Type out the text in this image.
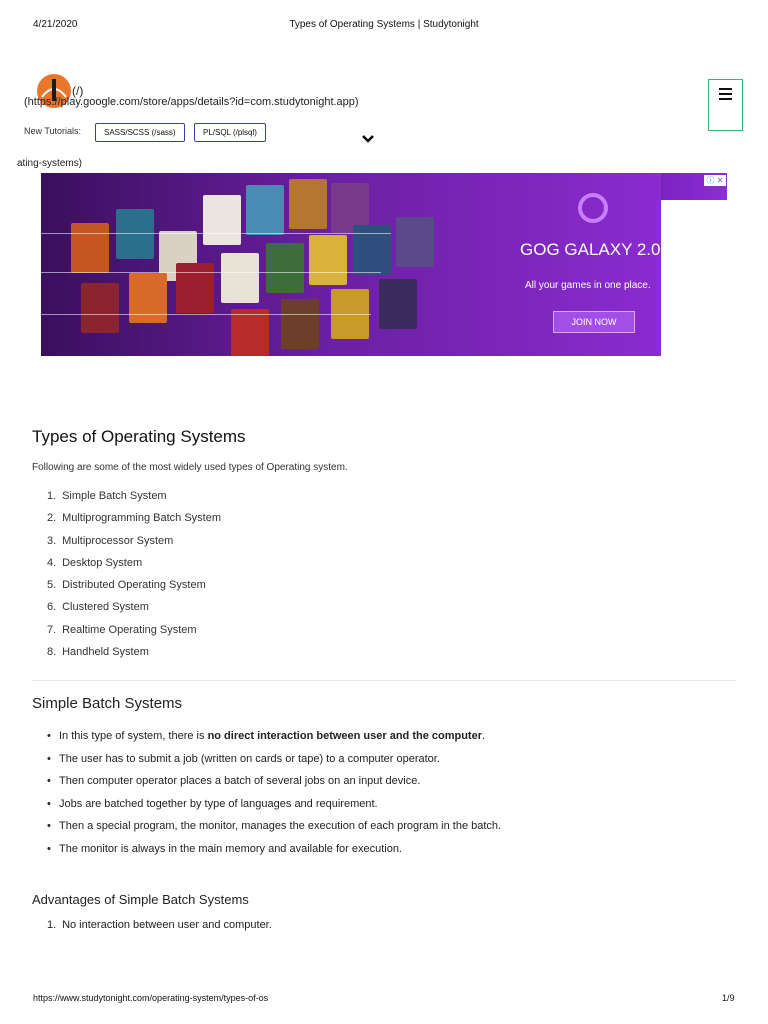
4/21/2020	Types of Operating Systems | Studytonight
(/)
(https://play.google.com/store/apps/details?id=com.studytonight.app)
New Tutorials:	SASS/SCSS (/sass)	PL/SQL (/plsql)
ating-systems)
ⓘ ✕
GOG GALAXY 2.0
All your games in one place.
JOIN NOW
Types of Operating Systems
Following are some of the most widely used types of Operating system.
1. Simple Batch System
2. Multiprogramming Batch System
3. Multiprocessor System
4. Desktop System
5. Distributed Operating System
6. Clustered System
7. Realtime Operating System
8. Handheld System
Simple Batch Systems
• In this type of system, there is no direct interaction between user and the computer.
• The user has to submit a job (written on cards or tape) to a computer operator.
• Then computer operator places a batch of several jobs on an input device.
• Jobs are batched together by type of languages and requirement.
• Then a special program, the monitor, manages the execution of each program in the batch.
• The monitor is always in the main memory and available for execution.
Advantages of Simple Batch Systems
1. No interaction between user and computer.
https://www.studytonight.com/operating-system/types-of-os	1/9
